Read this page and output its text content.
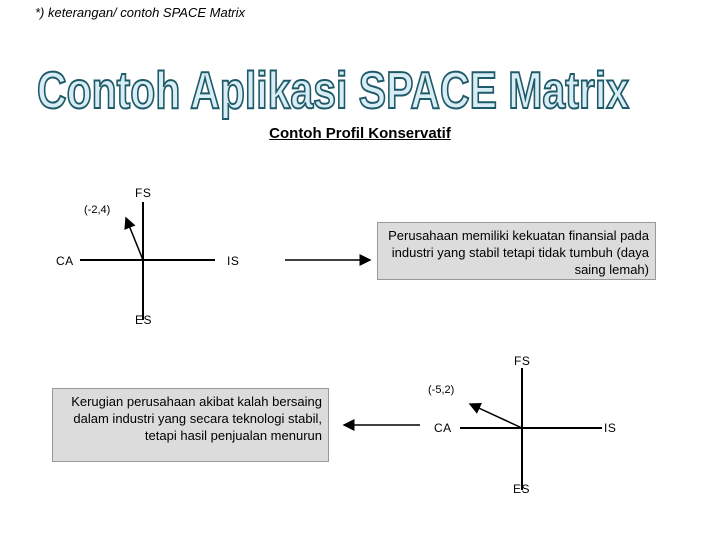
*) keterangan/ contoh SPACE Matrix
Contoh Aplikasi SPACE Matrix
Contoh Profil Konservatif
FS
(-2,4)
CA	IS
ES
Perusahaan memiliki kekuatan finansial pada industri yang stabil tetapi tidak tumbuh (daya saing lemah)
FS
(-5,2)
CA	IS
ES
Kerugian perusahaan akibat kalah bersaing dalam industri yang secara teknologi stabil, tetapi hasil penjualan menurun
